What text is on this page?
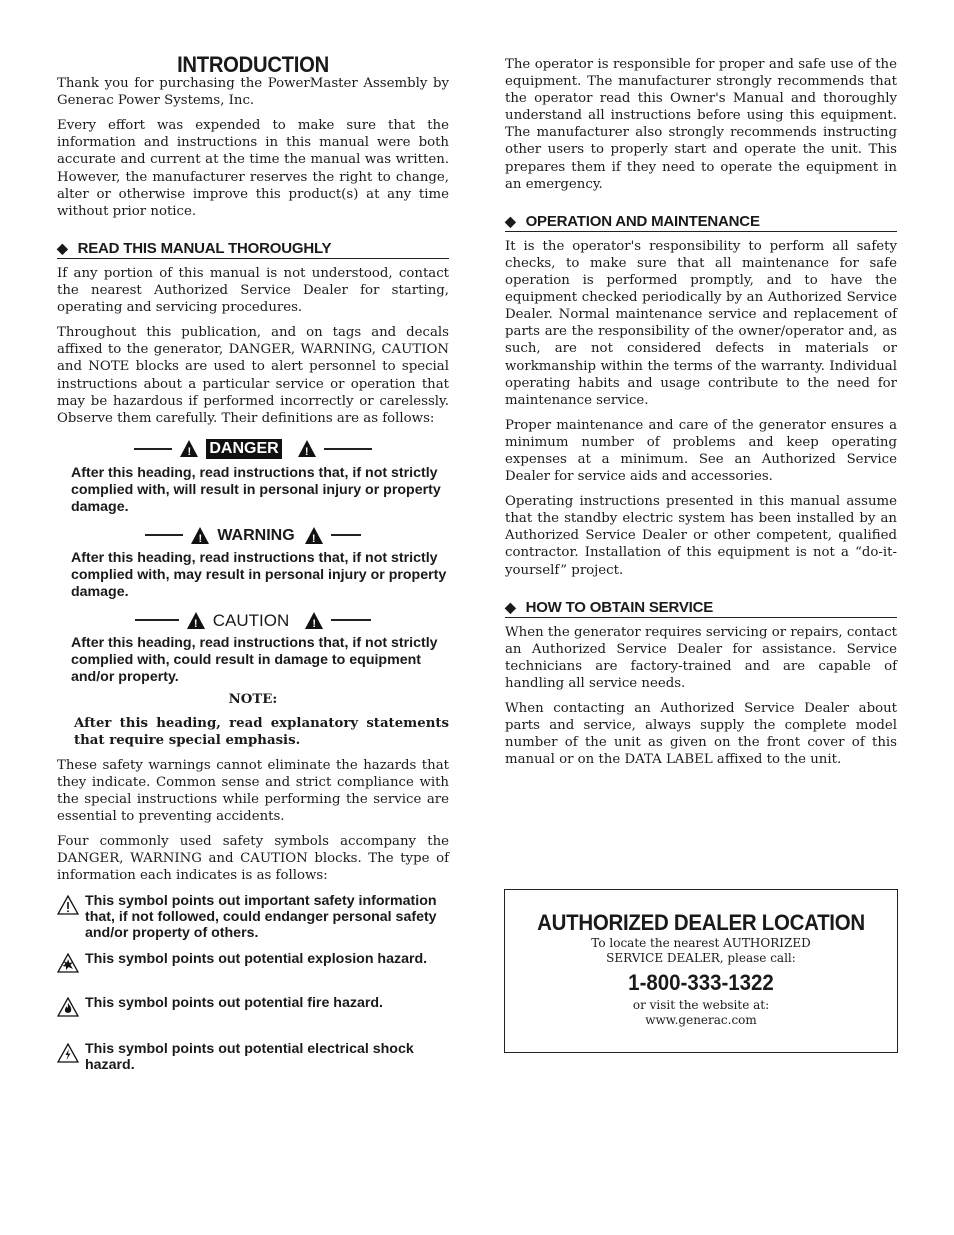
INTRODUCTION

Thank you for purchasing the PowerMaster Assembly by Generac Power Systems, Inc.

Every effort was expended to make sure that the information and instructions in this manual were both accurate and current at the time the manual was written. However, the manufacturer reserves the right to change, alter or otherwise improve this product(s) at any time without prior notice.

◆ READ THIS MANUAL THOROUGHLY

If any portion of this manual is not understood, contact the nearest Authorized Service Dealer for starting, operating and servicing procedures.

Throughout this publication, and on tags and decals affixed to the generator, DANGER, WARNING, CAUTION and NOTE blocks are used to alert personnel to special instructions about a particular service or operation that may be hazardous if performed incorrectly or carelessly. Observe them carefully. Their definitions are as follows:

! DANGER !

After this heading, read instructions that, if not strictly complied with, will result in personal injury or property damage.

! WARNING !

After this heading, read instructions that, if not strictly complied with, may result in personal injury or property damage.

! CAUTION !

After this heading, read instructions that, if not strictly complied with, could result in damage to equipment and/or property.

NOTE:

After this heading, read explanatory statements that require special emphasis.

These safety warnings cannot eliminate the hazards that they indicate. Common sense and strict compliance with the special instructions while performing the service are essential to preventing accidents.

Four commonly used safety symbols accompany the DANGER, WARNING and CAUTION blocks. The type of information each indicates is as follows:

This symbol points out important safety information that, if not followed, could endanger personal safety and/or property of others.
This symbol points out potential explosion hazard.
This symbol points out potential fire hazard.
This symbol points out potential electrical shock hazard.

The operator is responsible for proper and safe use of the equipment. The manufacturer strongly recommends that the operator read this Owner's Manual and thoroughly understand all instructions before using this equipment. The manufacturer also strongly recommends instructing other users to properly start and operate the unit. This prepares them if they need to operate the equipment in an emergency.

◆ OPERATION AND MAINTENANCE

It is the operator's responsibility to perform all safety checks, to make sure that all maintenance for safe operation is performed promptly, and to have the equipment checked periodically by an Authorized Service Dealer. Normal maintenance service and replacement of parts are the responsibility of the owner/operator and, as such, are not considered defects in materials or workmanship within the terms of the warranty. Individual operating habits and usage contribute to the need for maintenance service.

Proper maintenance and care of the generator ensures a minimum number of problems and keep operating expenses at a minimum. See an Authorized Service Dealer for service aids and accessories.

Operating instructions presented in this manual assume that the standby electric system has been installed by an Authorized Service Dealer or other competent, qualified contractor. Installation of this equipment is not a “do-it-yourself” project.

◆ HOW TO OBTAIN SERVICE

When the generator requires servicing or repairs, contact an Authorized Service Dealer for assistance. Service technicians are factory-trained and are capable of handling all service needs.

When contacting an Authorized Service Dealer about parts and service, always supply the complete model number of the unit as given on the front cover of this manual or on the DATA LABEL affixed to the unit.

AUTHORIZED DEALER LOCATION
To locate the nearest AUTHORIZED
SERVICE DEALER, please call:
1-800-333-1322
or visit the website at:
www.generac.com
